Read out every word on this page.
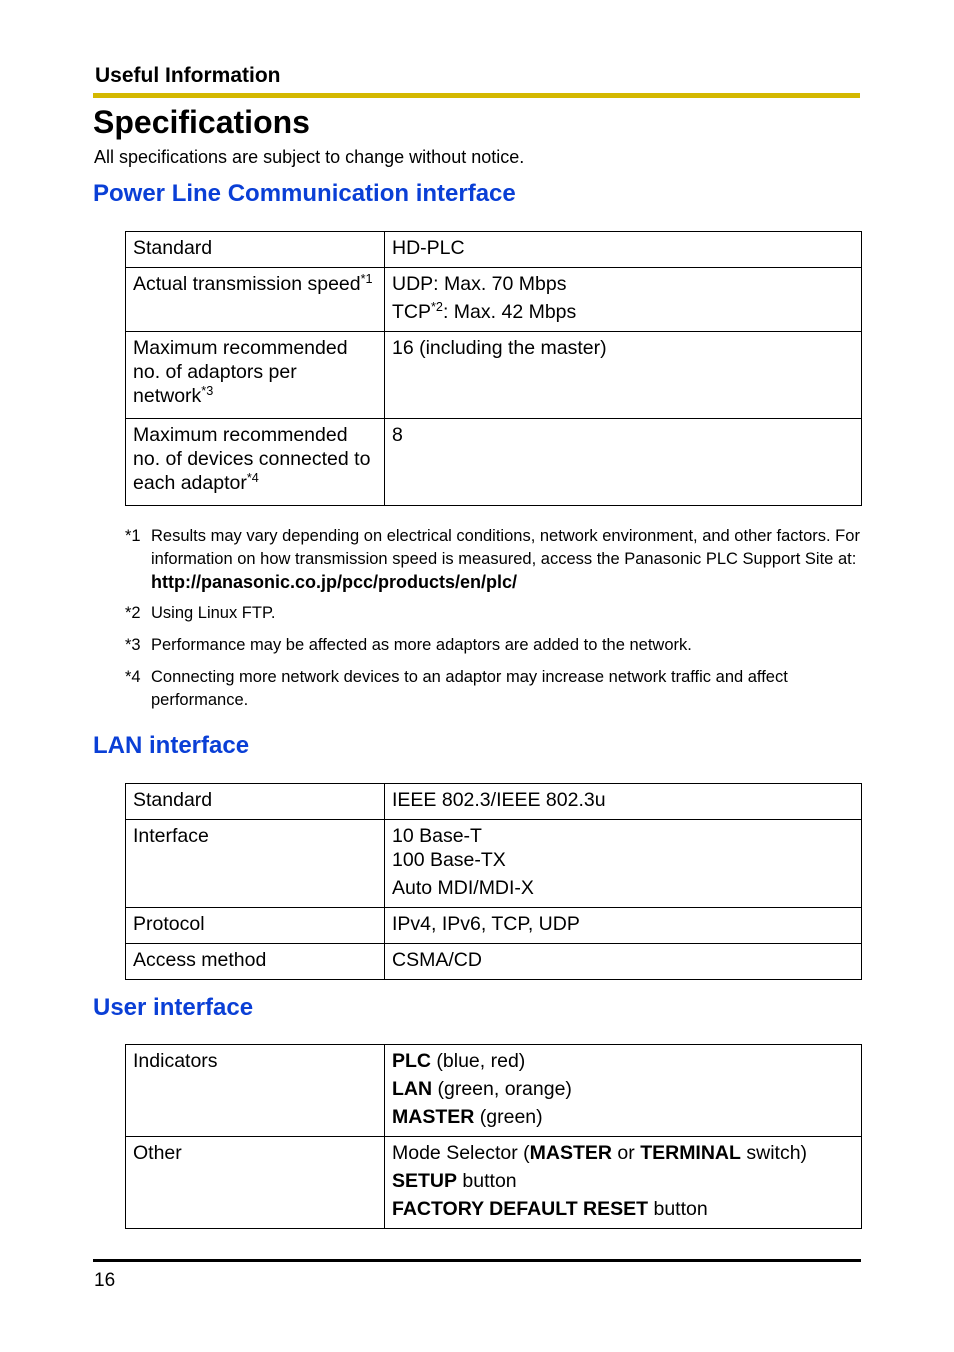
Useful Information
Specifications
All specifications are subject to change without notice.
Power Line Communication interface
Standard	HD-PLC
Actual transmission speed$^{*1}$	UDP: Max. 70 Mbps
TCP$^{*2}$: Max. 42 Mbps

Maximum recommended no. of adaptors per network$^{*3}$	16 (including the master)
Maximum recommended no. of devices connected to each adaptor$^{*4}$	8
*1 Results may vary depending on electrical conditions, network environment, and other factors. For information on how transmission speed is measured, access the Panasonic PLC Support Site at: http://panasonic.co.jp/pcc/products/en/plc/
*2 Using Linux FTP.
*3 Performance may be affected as more adaptors are added to the network.
*4 Connecting more network devices to an adaptor may increase network traffic and affect performance.
LAN interface
Standard	IEEE 802.3/IEEE 802.3u
Interface	10 Base-T
100 Base-TX
Auto MDI/MDI-X

Protocol	IPv4, IPv6, TCP, UDP
Access method	CSMA/CD
User interface
Indicators	PLC (blue, red)
LAN (green, orange)
MASTER (green)

Other	Mode Selector (MASTER or TERMINAL switch)
SETUP button
FACTORY DEFAULT RESET button
16
